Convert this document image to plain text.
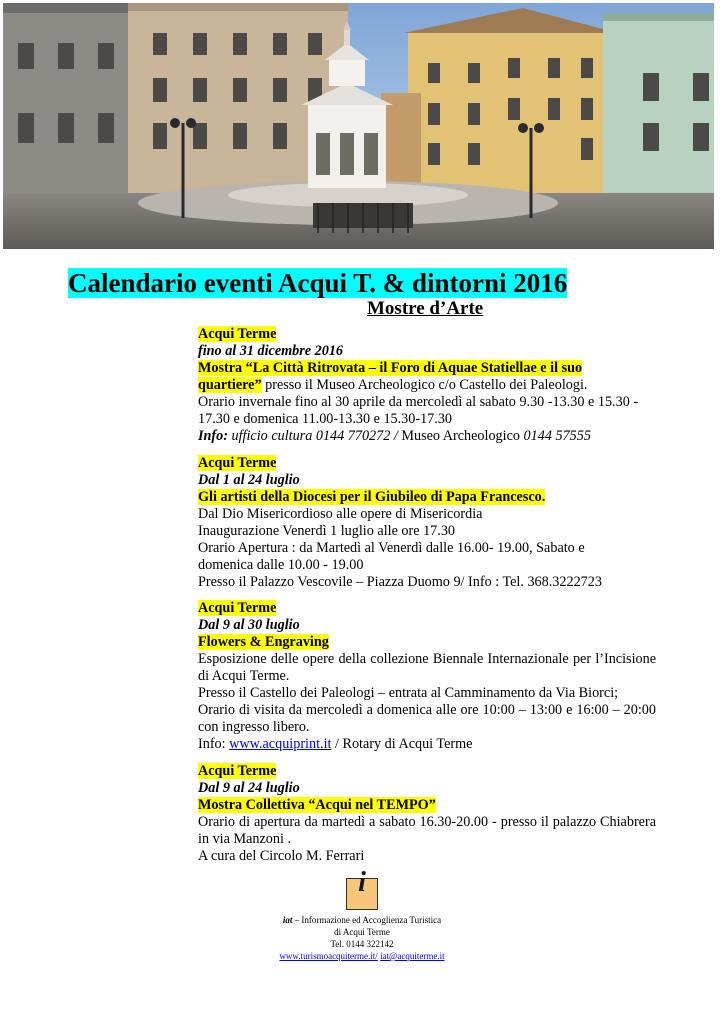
Calendario eventi Acqui T. & dintorni 2016
Mostre d’Arte

Acqui Terme

fino al 31 dicembre 2016

Mostra “La Città Ritrovata – il Foro di Aquae Statiellae e il suo

quartiere” presso il Museo Archeologico c/o Castello dei Paleologi.

Orario invernale fino al 30 aprile da mercoledì al sabato 9.30 -13.30 e 15.30 - 17.30 e domenica 11.00-13.30 e 15.30-17.30

Info: ufficio cultura 0144 770272 / Museo Archeologico 0144 57555

Acqui Terme

Dal 1 al 24 luglio

Gli artisti della Diocesi per il Giubileo di Papa Francesco.

Dal Dio Misericordioso alle opere di Misericordia

Inaugurazione Venerdì 1 luglio alle ore 17.30

Orario Apertura : da Martedì al Venerdì dalle 16.00- 19.00, Sabato e

domenica dalle 10.00 - 19.00

Presso il Palazzo Vescovile – Piazza Duomo 9/ Info : Tel. 368.3222723

Acqui Terme

Dal 9 al 30 luglio

Flowers & Engraving

Esposizione delle opere della collezione Biennale Internazionale per l’Incisione di Acqui Terme.

Presso il Castello dei Paleologi – entrata al Camminamento da Via Biorci;

Orario di visita da mercoledì a domenica alle ore 10:00 – 13:00 e 16:00 – 20:00 con ingresso libero.

Info: www.acquiprint.it / Rotary di Acqui Terme

Acqui Terme

Dal 9 al 24 luglio

Mostra Collettiva “Acqui nel TEMPO”

Orario di apertura da martedì a sabato 16.30-20.00 - presso il palazzo Chiabrera in via Manzoni .

A cura del Circolo M. Ferrari

i
iat – Informazione ed Accoglienza Turistica
di Acqui Terme
Tel. 0144 322142
www.turismoacquiterme.it/ iat@acquiterme.it
